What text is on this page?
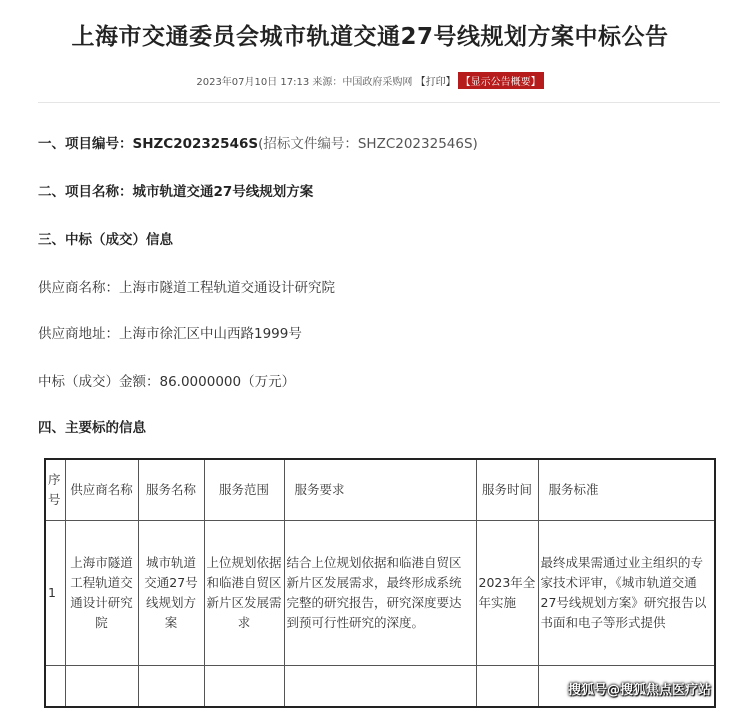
上海市交通委员会城市轨道交通27号线规划方案中标公告
2023年07月10日 17:13 来源：中国政府采购网 【打印】 【显示公告概要】
一、项目编号：SHZC20232546S(招标文件编号：SHZC20232546S)
二、项目名称：城市轨道交通27号线规划方案
三、中标（成交）信息
供应商名称：上海市隧道工程轨道交通设计研究院
供应商地址：上海市徐汇区中山西路1999号
中标（成交）金额：86.0000000（万元）
四、主要标的信息
序号	供应商名称	服务名称	服务范围	服务要求	服务时间	服务标准
1	上海市隧道工程轨道交通设计研究院	城市轨道交通27号线规划方案	上位规划依据和临港自贸区新片区发展需求	结合上位规划依据和临港自贸区新片区发展需求，最终形成系统完整的研究报告，研究深度要达到预可行性研究的深度。	2023年全年实施	最终成果需通过业主组织的专家技术评审，《城市轨道交通27号线规划方案》研究报告以书面和电子等形式提供

搜狐号@搜狐焦点医疗站
